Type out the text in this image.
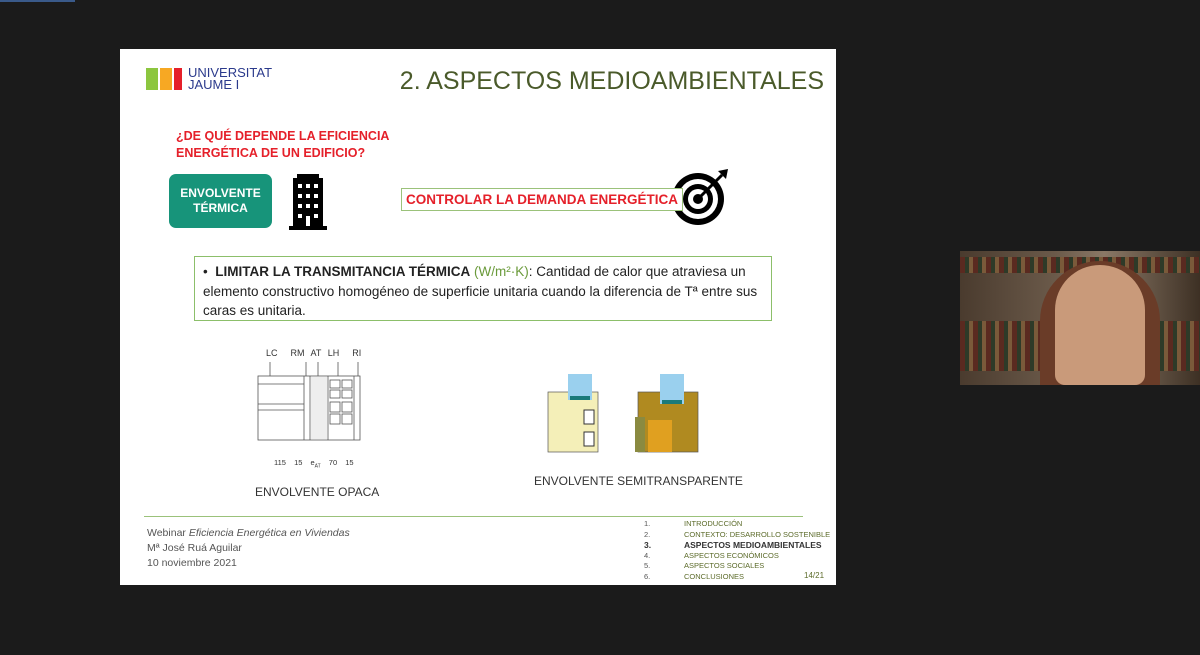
UNIVERSITAT
JAUME I	2. ASPECTOS MEDIOAMBIENTALES
¿DE QUÉ DEPENDE LA EFICIENCIA
ENERGÉTICA DE UN EDIFICIO?
ENVOLVENTE
TÉRMICA
CONTROLAR LA DEMANDA ENERGÉTICA
•  LIMITAR LA TRANSMITANCIA TÉRMICA (W/m²·K): Cantidad de calor que atraviesa un elemento constructivo homogéneo de superficie unitaria cuando la diferencia de Tª entre sus caras es unitaria.
LC RM AT LH RI
115 15 $e_{AT}$ 70 15
ENVOLVENTE OPACA
ENVOLVENTE SEMITRANSPARENTE
Webinar Eficiencia Energética en Viviendas
Mª José Ruá Aguilar
10 noviembre 2021
1.	INTRODUCCIÓN
2.	CONTEXTO: DESARROLLO SOSTENIBLE
3.	ASPECTOS MEDIOAMBIENTALES
4.	ASPECTOS ECONÓMICOS
5.	ASPECTOS SOCIALES
6.	CONCLUSIONES	14/21
